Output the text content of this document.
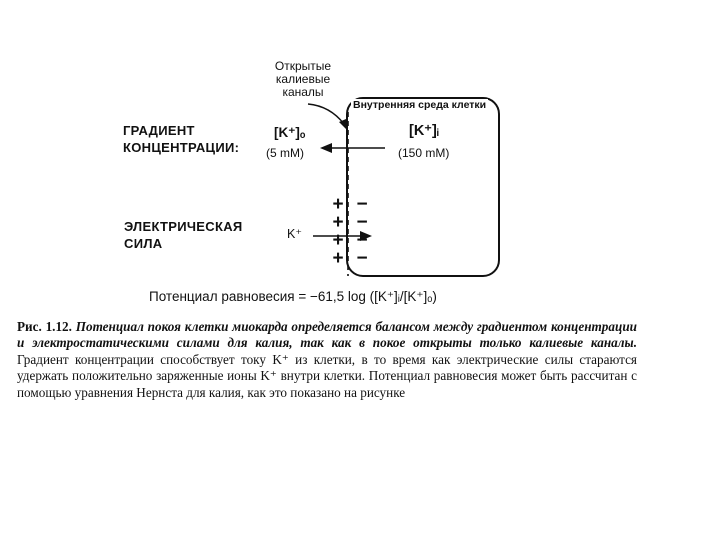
Открытые
калиевые
каналы
Внутренняя среда клетки
ГРАДИЕНТ
КОНЦЕНТРАЦИИ:
[K⁺]ₒ
(5 mM)
[K⁺]ᵢ
(150 mM)
ЭЛЕКТРИЧЕСКАЯ
СИЛА
K⁺
+
+
+
+
−
−
−
−
Потенциал равновесия = −61,5 log ([K⁺]ᵢ/[K⁺]ₒ)
Рис. 1.12. Потенциал покоя клетки миокарда определяется балансом между градиентом концентрации и электростатическими силами для калия, так как в покое открыты только калиевые каналы. Градиент концентрации способствует току K⁺ из клетки, в то время как электрические силы стараются удержать положительно заряженные ионы K⁺ внутри клетки. Потенциал равновесия может быть рассчитан с помощью уравнения Нернста для калия, как это показано на рисунке
